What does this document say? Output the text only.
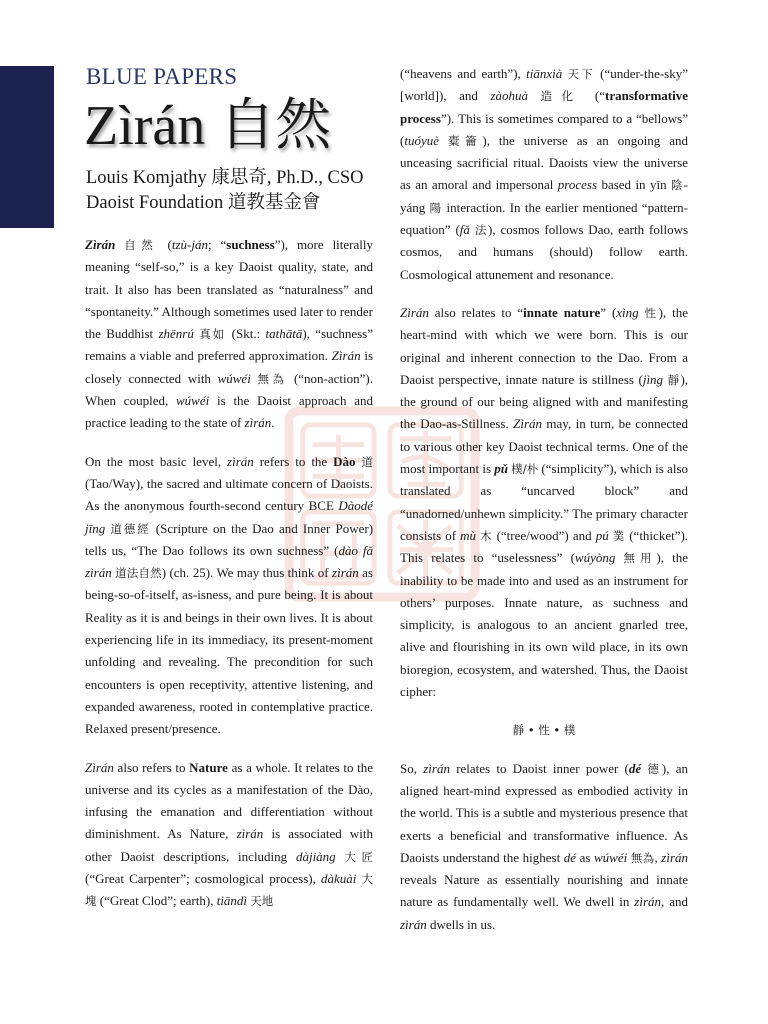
BLUE PAPERS
Zìrán 自然
Louis Komjathy 康思奇, Ph.D., CSO
Daoist Foundation 道教基金會

Zìrán 自然 (tzù-ján; “suchness”), more literally meaning “self-so,” is a key Daoist quality, state, and trait. It also has been translated as “naturalness” and “spontaneity.” Although sometimes used later to render the Buddhist zhēnrú 真如 (Skt.: tathātā), “suchness” remains a viable and preferred approximation. Zìrán is closely connected with wúwéi 無為 (“non-action”). When coupled, wúwéi is the Daoist approach and practice leading to the state of zìrán.

On the most basic level, zìrán refers to the Dào 道 (Tao/Way), the sacred and ultimate concern of Daoists. As the anonymous fourth-second century BCE Dàodé jīng 道德經 (Scripture on the Dao and Inner Power) tells us, “The Dao follows its own suchness” (dào fǎ zìrán 道法自然) (ch. 25). We may thus think of zìrán as being-so-of-itself, as-isness, and pure being. It is about Reality as it is and beings in their own lives. It is about experiencing life in its immediacy, its present-moment unfolding and revealing. The precondition for such encounters is open receptivity, attentive listening, and expanded awareness, rooted in contemplative practice. Relaxed present/presence.

Zìrán also refers to Nature as a whole. It relates to the universe and its cycles as a manifestation of the Dào, infusing the emanation and differentiation without diminishment. As Nature, zìrán is associated with other Daoist descriptions, including dàjiàng 大匠 (“Great Carpenter”; cosmological process), dàkuài 大塊 (“Great Clod”; earth), tiāndì 天地

(“heavens and earth”), tiānxià 天下 (“under-the-sky” [world]), and zàohuà 造化 (“transformative process”). This is sometimes compared to a “bellows” (tuóyuè 橐籥), the universe as an ongoing and unceasing sacrificial ritual. Daoists view the universe as an amoral and impersonal process based in yīn 陰-yáng 陽 interaction. In the earlier mentioned “pattern-equation” (fǎ 法), cosmos follows Dao, earth follows cosmos, and humans (should) follow earth. Cosmological attunement and resonance.

Zìrán also relates to “innate nature” (xìng 性), the heart-mind with which we were born. This is our original and inherent connection to the Dao. From a Daoist perspective, innate nature is stillness (jìng 靜), the ground of our being aligned with and manifesting the Dao-as-Stillness. Zìrán may, in turn, be connected to various other key Daoist technical terms. One of the most important is pǔ 樸/朴 (“simplicity”), which is also translated as “uncarved block” and “unadorned/unhewn simplicity.” The primary character consists of mù 木 (“tree/wood”) and pú 菐 (“thicket”). This relates to “uselessness” (wúyòng 無用), the inability to be made into and used as an instrument for others’ purposes. Innate nature, as suchness and simplicity, is analogous to an ancient gnarled tree, alive and flourishing in its own wild place, in its own bioregion, ecosystem, and watershed. Thus, the Daoist cipher:

靜 • 性 • 樸

So, zìrán relates to Daoist inner power (dé 德), an aligned heart-mind expressed as embodied activity in the world. This is a subtle and mysterious presence that exerts a beneficial and transformative influence. As Daoists understand the highest dé as wúwéi 無為, zìrán reveals Nature as essentially nourishing and innate nature as fundamentally well. We dwell in zìrán, and zìrán dwells in us.
